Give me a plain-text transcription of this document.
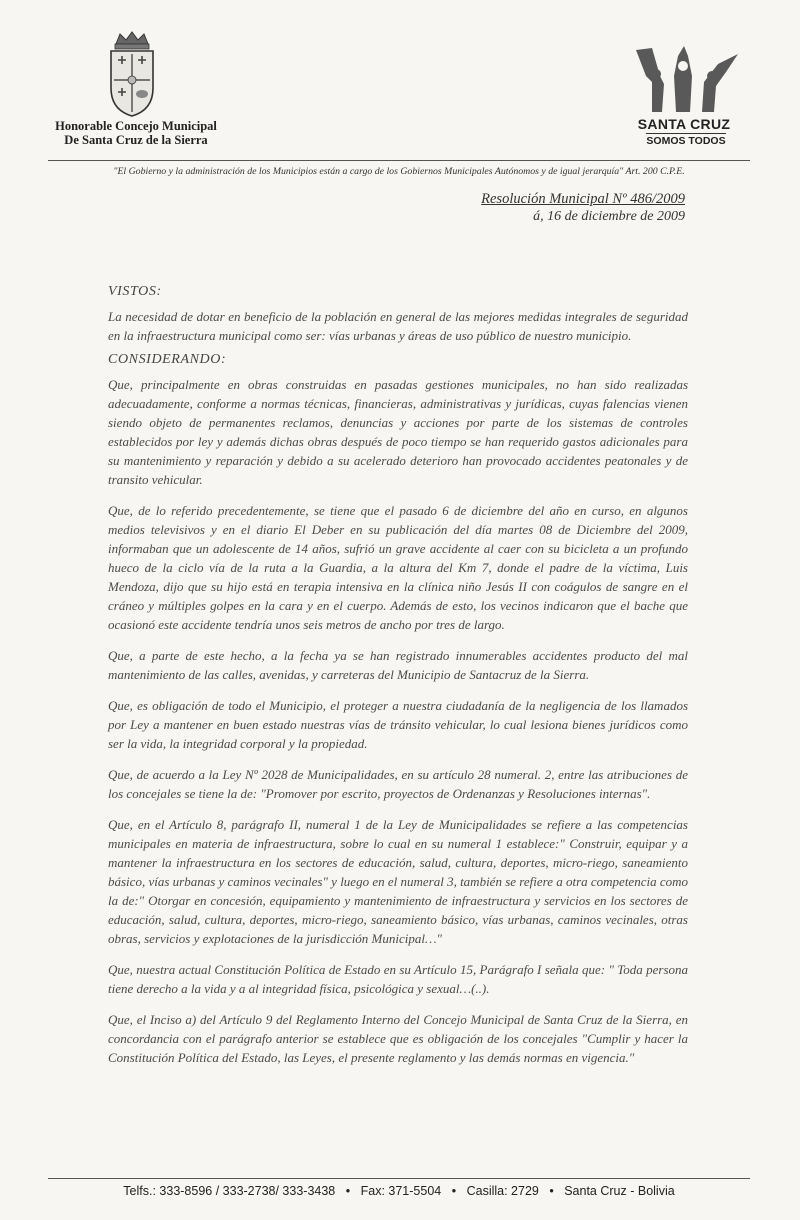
Honorable Concejo Municipal
De Santa Cruz de la Sierra
SANTA CRUZ
SOMOS TODOS
"El Gobierno y la administración de los Municipios están a cargo de los Gobiernos Municipales Autónomos y de igual jerarquía" Art. 200 C.P.E.
Resolución Municipal Nº 486/2009
á, 16 de diciembre de 2009

VISTOS:

La necesidad de dotar en beneficio de la población en general de las mejores medidas integrales de seguridad en la infraestructura municipal como ser: vías urbanas y áreas de uso público de nuestro municipio.

CONSIDERANDO:

Que, principalmente en obras construidas en pasadas gestiones municipales, no han sido realizadas adecuadamente, conforme a normas técnicas, financieras, administrativas y jurídicas, cuyas falencias vienen siendo objeto de permanentes reclamos, denuncias y acciones por parte de los sistemas de controles establecidos por ley y además dichas obras después de poco tiempo se han requerido gastos adicionales para su mantenimiento y reparación y debido a su acelerado deterioro han provocado accidentes peatonales y de transito vehicular.

Que, de lo referido precedentemente, se tiene que el pasado 6 de diciembre del año en curso, en algunos medios televisivos y en el diario El Deber en su publicación del día martes 08 de Diciembre del 2009, informaban que un adolescente de 14 años, sufrió un grave accidente al caer con su bicicleta a un profundo hueco de la ciclo vía de la ruta a la Guardia, a la altura del Km 7, donde el padre de la víctima, Luis Mendoza, dijo que su hijo está en terapia intensiva en la clínica niño Jesús II con coágulos de sangre en el cráneo y múltiples golpes en la cara y en el cuerpo. Además de esto, los vecinos indicaron que el bache que ocasionó este accidente tendría unos seis metros de ancho por tres de largo.

Que, a parte de este hecho, a la fecha ya se han registrado innumerables accidentes producto del mal mantenimiento de las calles, avenidas, y carreteras del Municipio de Santacruz de la Sierra.

Que, es obligación de todo el Municipio, el proteger a nuestra ciudadanía de la negligencia de los llamados por Ley a mantener en buen estado nuestras vías de tránsito vehicular, lo cual lesiona bienes jurídicos como ser la vida, la integridad corporal y la propiedad.

Que, de acuerdo a la Ley Nº 2028 de Municipalidades, en su artículo 28 numeral. 2, entre las atribuciones de los concejales se tiene la de: "Promover por escrito, proyectos de Ordenanzas y Resoluciones internas".

Que, en el Artículo 8, parágrafo II, numeral 1 de la Ley de Municipalidades se refiere a las competencias municipales en materia de infraestructura, sobre lo cual en su numeral 1 establece:" Construir, equipar y a mantener la infraestructura en los sectores de educación, salud, cultura, deportes, micro-riego, saneamiento básico, vías urbanas y caminos vecinales" y luego en el numeral 3, también se refiere a otra competencia como la de:" Otorgar en concesión, equipamiento y mantenimiento de infraestructura y servicios en los sectores de educación, salud, cultura, deportes, micro-riego, saneamiento básico, vías urbanas, caminos vecinales, otras obras, servicios y explotaciones de la jurisdicción Municipal…"

Que, nuestra actual Constitución Política de Estado en su Artículo 15, Parágrafo I señala que: " Toda persona tiene derecho a la vida y a al integridad física, psicológica y sexual…(..).

Que, el Inciso a) del Artículo 9 del Reglamento Interno del Concejo Municipal de Santa Cruz de la Sierra, en concordancia con el parágrafo anterior se establece que es obligación de los concejales "Cumplir y hacer la Constitución Política del Estado, las Leyes, el presente reglamento y las demás normas en vigencia."

Telfs.: 333-8596 / 333-2738/ 333-3438 • Fax: 371-5504 • Casilla: 2729 • Santa Cruz - Bolivia
